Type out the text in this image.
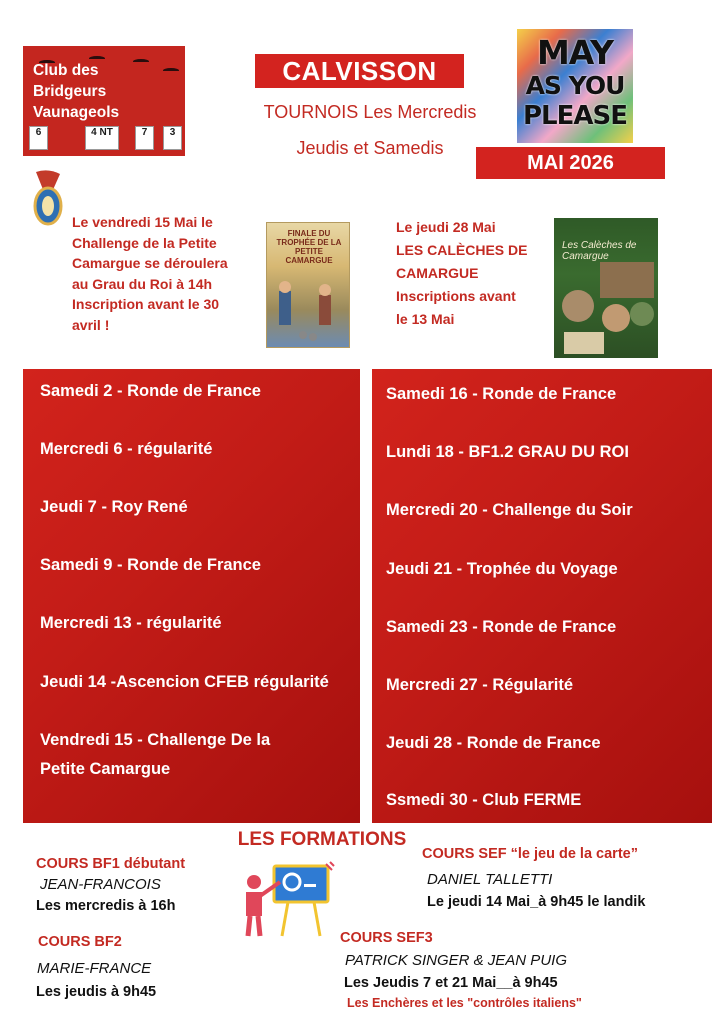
Club des
Bridgeurs
Vaunageols
6	4 NT	7	3
CALVISSON
TOURNOIS Les Mercredis
Jeudis et Samedis
MAY
AS YOU
PLEASE
MAI 2026
Le vendredi 15 Mai le
Challenge de la Petite
Camargue se déroulera
au Grau du Roi à 14h
Inscription avant le 30
avril !
FINALE DU TROPHÉE DE LA PETITE CAMARGUE
Le jeudi 28 Mai
LES CALÈCHES DE
CAMARGUE
Inscriptions avant
le 13 Mai
Les Calèches de Camargue
Samedi 2 - Ronde de France
Mercredi 6 - régularité
Jeudi 7 - Roy René
Samedi 9 - Ronde de France
Mercredi 13 - régularité
Jeudi 14 -Ascencion CFEB régularité
Vendredi 15 - Challenge De la
Petite Camargue
Samedi 16 - Ronde de France
Lundi 18 - BF1.2 GRAU DU ROI
Mercredi 20 - Challenge du Soir
Jeudi 21 - Trophée du Voyage
Samedi 23 - Ronde de France
Mercredi 27 - Régularité
Jeudi 28 - Ronde de France
Ssmedi 30 - Club FERME
LES FORMATIONS
COURS BF1 débutant
JEAN-FRANCOIS
Les mercredis à 16h
COURS SEF “le jeu de la carte”
DANIEL TALLETTI
Le jeudi 14 Mai_à 9h45 le landik
COURS BF2
MARIE-FRANCE
Les jeudis à 9h45
COURS SEF3
PATRICK SINGER & JEAN PUIG
Les Jeudis 7 et 21 Mai__à 9h45
Les Enchères et les "contrôles italiens"
